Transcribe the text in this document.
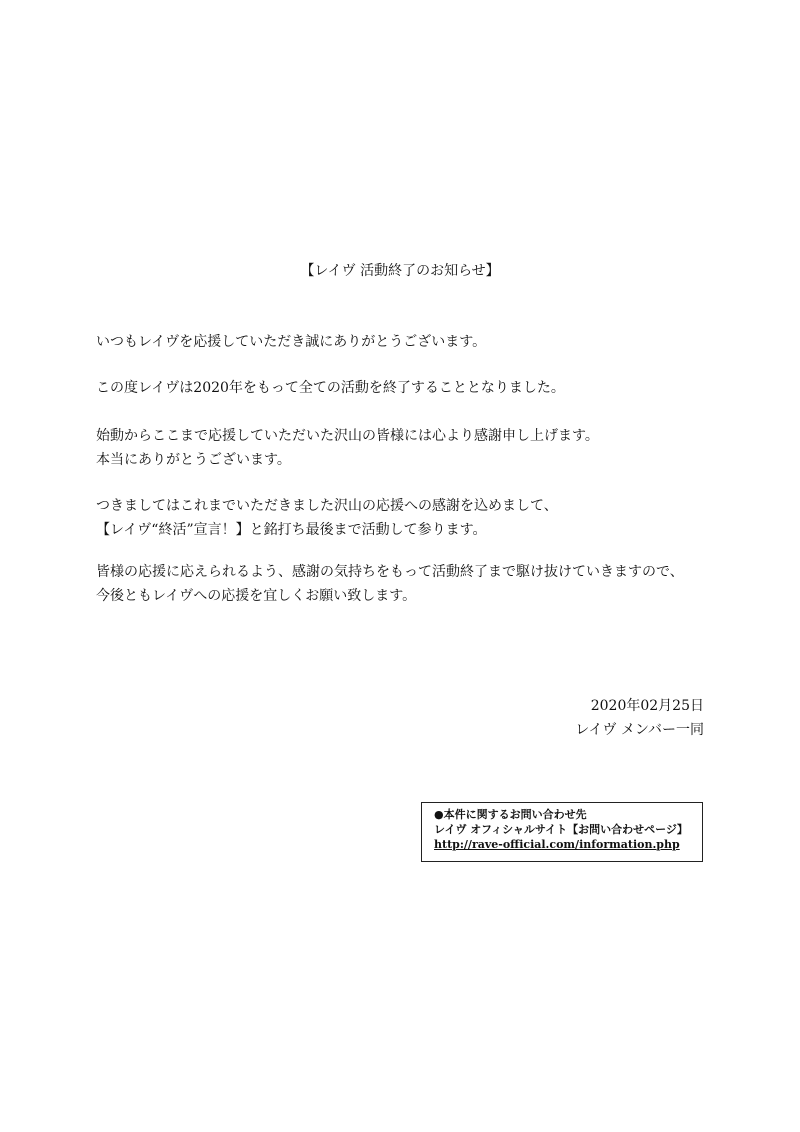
【レイヴ 活動終了のお知らせ】

いつもレイヴを応援していただき誠にありがとうございます。

この度レイヴは2020年をもって全ての活動を終了することとなりました。

始動からここまで応援していただいた沢山の皆様には心より感謝申し上げます。

本当にありがとうございます。

つきましてはこれまでいただきました沢山の応援への感謝を込めまして、

【レイヴ“終活”宣言！】と銘打ち最後まで活動して参ります。

皆様の応援に応えられるよう、感謝の気持ちをもって活動終了まで駆け抜けていきますので、

今後ともレイヴへの応援を宜しくお願い致します。

2020年02月25日

レイヴ メンバー一同

●本件に関するお問い合わせ先
レイヴ オフィシャルサイト【お問い合わせページ】
http://rave-official.com/information.php
